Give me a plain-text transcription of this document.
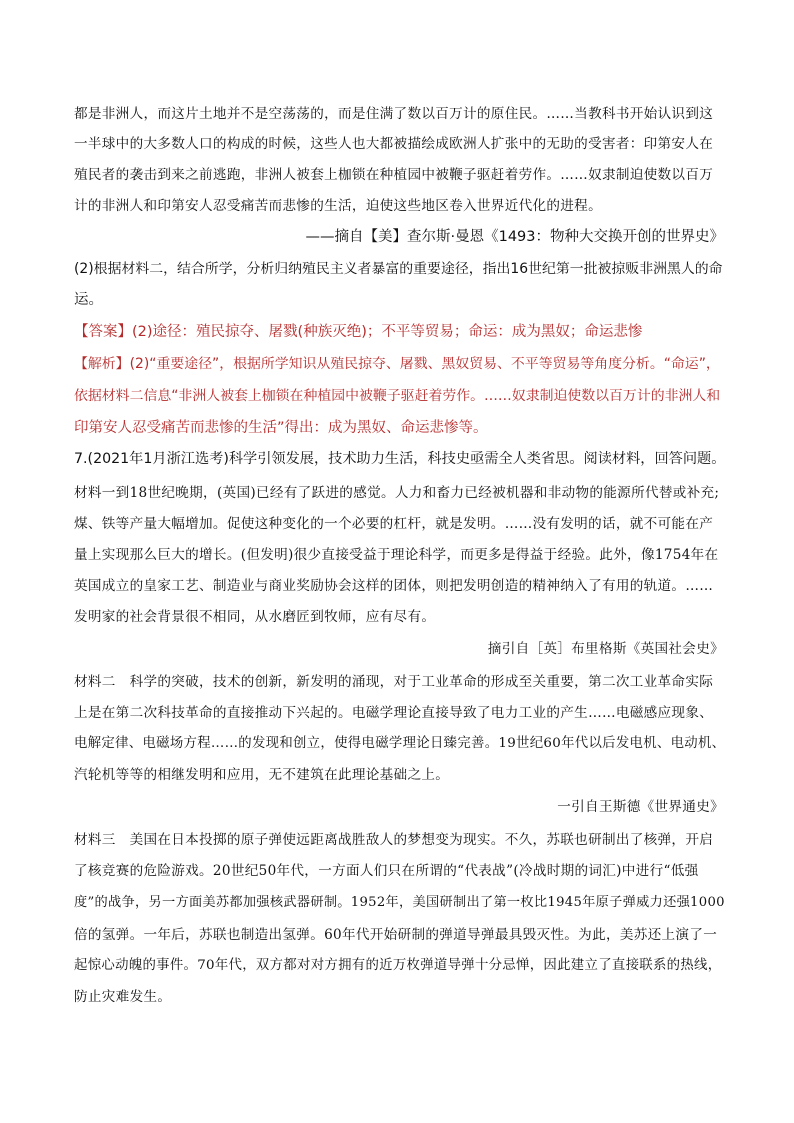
都是非洲人，而这片土地并不是空荡荡的，而是住满了数以百万计的原住民。……当教科书开始认识到这
一半球中的大多数人口的构成的时候，这些人也大都被描绘成欧洲人扩张中的无助的受害者：印第安人在
殖民者的袭击到来之前逃跑，非洲人被套上枷锁在种植园中被鞭子驱赶着劳作。……奴隶制迫使数以百万
计的非洲人和印第安人忍受痛苦而悲惨的生活，迫使这些地区卷入世界近代化的进程。
——摘自【美】查尔斯·曼恩《1493：物种大交换开创的世界史》
(2)根据材料二，结合所学，分析归纳殖民主义者暴富的重要途径，指出16世纪第一批被掠贩非洲黑人的命
运。
【答案】(2)途径：殖民掠夺、屠戮(种族灭绝)；不平等贸易；命运：成为黑奴；命运悲惨
【解析】(2)“重要途径”，根据所学知识从殖民掠夺、屠戮、黑奴贸易、不平等贸易等角度分析。“命运”，
依据材料二信息“非洲人被套上枷锁在种植园中被鞭子驱赶着劳作。……奴隶制迫使数以百万计的非洲人和
印第安人忍受痛苦而悲惨的生活”得出：成为黑奴、命运悲惨等。
7.(2021年1月浙江选考)科学引领发展，技术助力生活，科技史亟需全人类省思。阅读材料，回答问题。
材料一到18世纪晚期，(英国)已经有了跃进的感觉。人力和畜力已经被机器和非动物的能源所代替或补充;
煤、铁等产量大幅增加。促使这种变化的一个必要的杠杆，就是发明。……没有发明的话，就不可能在产
量上实现那么巨大的增长。(但发明)很少直接受益于理论科学，而更多是得益于经验。此外，像1754年在
英国成立的皇家工艺、制造业与商业奖励协会这样的团体，则把发明创造的精神纳入了有用的轨道。……
发明家的社会背景很不相同，从水磨匠到牧师，应有尽有。
摘引自［英］布里格斯《英国社会史》
材料二　科学的突破，技术的创新，新发明的涌现，对于工业革命的形成至关重要，第二次工业革命实际
上是在第二次科技革命的直接推动下兴起的。电磁学理论直接导致了电力工业的产生……电磁感应现象、
电解定律、电磁场方程……的发现和创立，使得电磁学理论日臻完善。19世纪60年代以后发电机、电动机、
汽轮机等等的相继发明和应用，无不建筑在此理论基础之上。
一引自王斯德《世界通史》
材料三　美国在日本投掷的原子弹使远距离战胜敌人的梦想变为现实。不久，苏联也研制出了核弹，开启
了核竞赛的危险游戏。20世纪50年代，一方面人们只在所谓的“代表战”(冷战时期的词汇)中进行“低强
度”的战争，另一方面美苏都加强核武器研制。1952年，美国研制出了第一枚比1945年原子弹威力还强1000
倍的氢弹。一年后，苏联也制造出氢弹。60年代开始研制的弹道导弹最具毁灭性。为此，美苏还上演了一
起惊心动魄的事件。70年代，双方都对对方拥有的近万枚弹道导弹十分忌惮，因此建立了直接联系的热线，
防止灾难发生。
